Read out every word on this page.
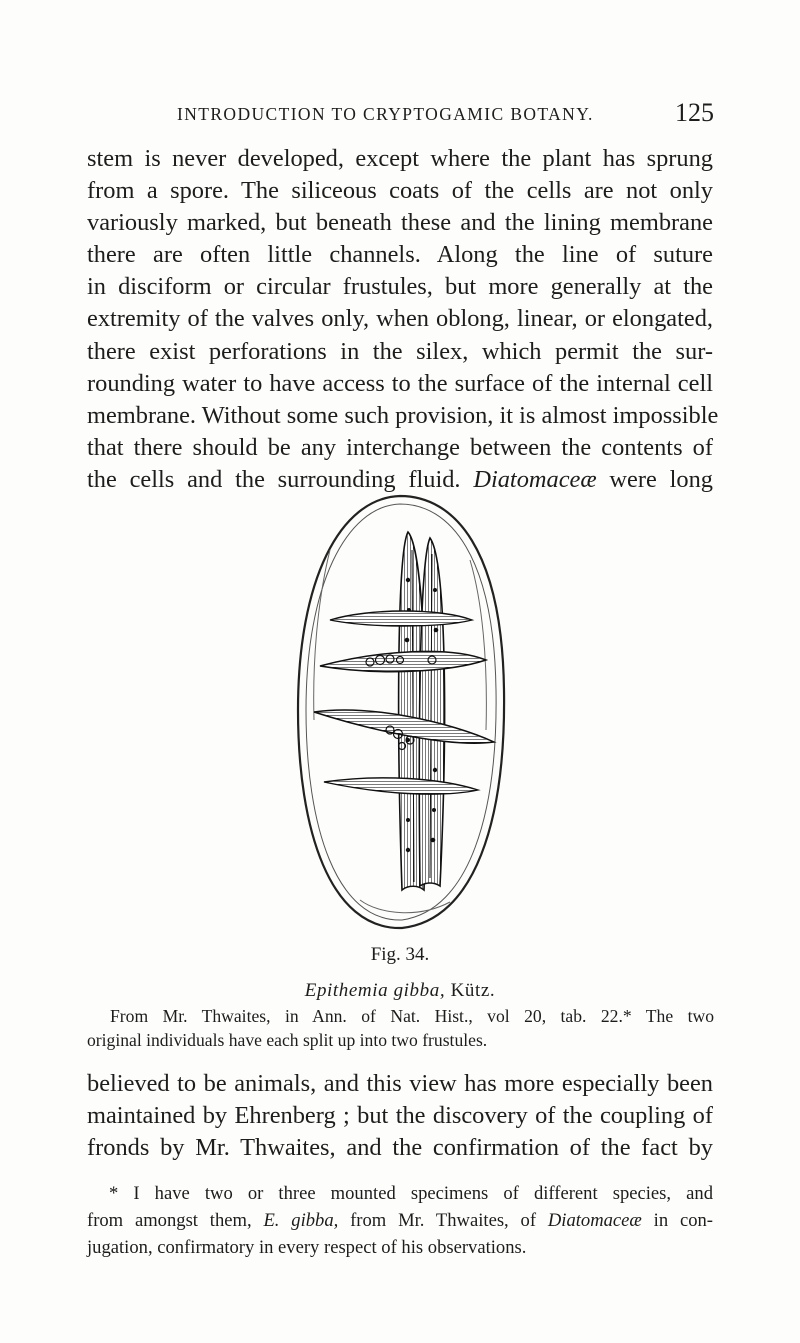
INTRODUCTION TO CRYPTOGAMIC BOTANY.	125
stem is never developed, except where the plant has sprung
from a spore. The siliceous coats of the cells are not only
variously marked, but beneath these and the lining membrane
there are often little channels. Along the line of suture
in disciform or circular frustules, but more generally at the
extremity of the valves only, when oblong, linear, or elongated,
there exist perforations in the silex, which permit the sur-
rounding water to have access to the surface of the internal cell
membrane. Without some such provision, it is almost impossible
that there should be any interchange between the contents of
the cells and the surrounding fluid. Diatomaceæ were long
Fig. 34.
Epithemia gibba, Kütz.
From Mr. Thwaites, in Ann. of Nat. Hist., vol 20, tab. 22.* The two
original individuals have each split up into two frustules.
believed to be animals, and this view has more especially been
maintained by Ehrenberg ; but the discovery of the coupling of
fronds by Mr. Thwaites, and the confirmation of the fact by
* I have two or three mounted specimens of different species, and
from amongst them, E. gibba, from Mr. Thwaites, of Diatomaceæ in con-
jugation, confirmatory in every respect of his observations.
